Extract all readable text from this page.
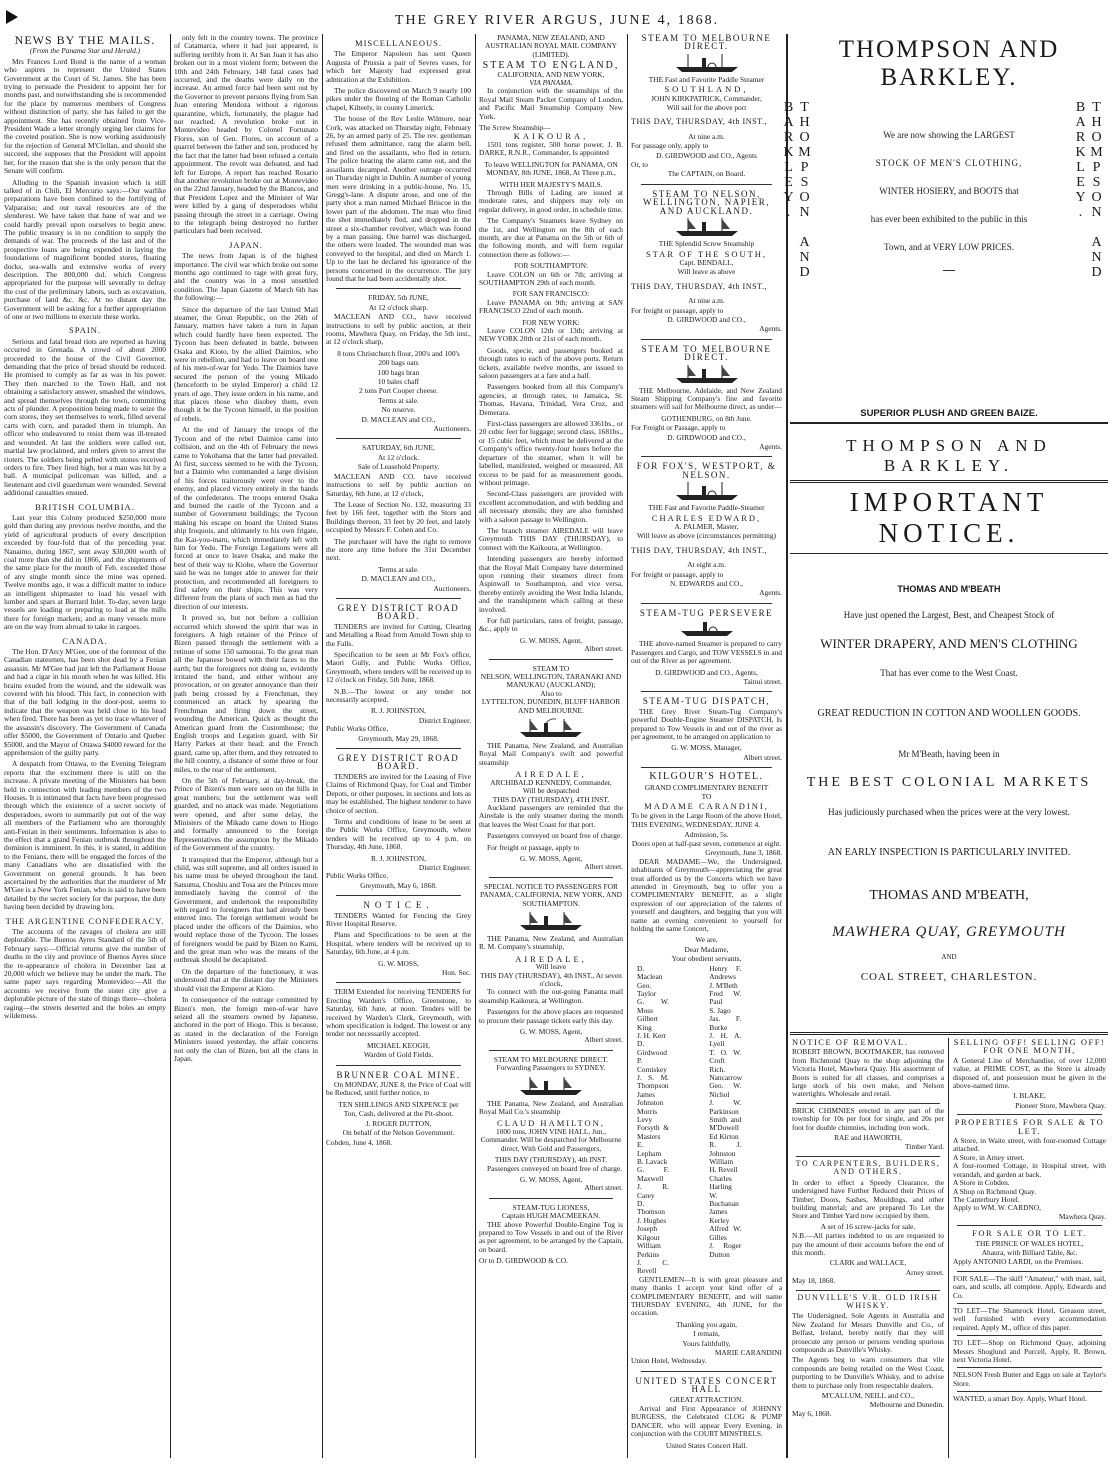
THE GREY RIVER ARGUS, JUNE 4, 1868.
NEWS BY THE MAILS.
(From the Panama Star and Herald.)

Mrs Frances Lord Bond is the name of a woman who aspires to represent the United States Government at the Court of St. James. She has been trying to persuade the President to appoint her for months past, and notwithstanding she is recommended for the place by numerous members of Congress without distinction of party, she has failed to get the appointment. She has recently obtained from Vice-President Wade a letter strongly urging her claims for the coveted position. She is now working assiduously for the rejection of General M'Clellan, and should she succeed, she supposes that the President will appoint her, for the reason that she is the only person that the Senate will confirm.

Alluding to the Spanish invasion which is still talked of in Chili, El Mercurio says:—Our warlike preparations have been confined to the fortifying of Valparaiso; and our naval resources are of the slenderest. We have taken that bane of war and we could hardly prevail upon ourselves to begin anew. The public treasury is in no condition to supply the demands of war. The proceeds of the last and of the prospective loans are being expended in laying the foundations of magnificent bonded stores, floating docks, sea-walls and extensive works of every description. The 800,000 dol. which Congress appropriated for the purpose will severally to defray the cost of the preliminary labors, such as excavation, purchase of land &c. &c. At no distant day the Government will be asking for a further appropriation of one or two millions to execute these works.

SPAIN.

Serious and fatal bread riots are reported as having occurred in Grenada. A crowd of about 2000 proceeded to the house of the Civil Governor, demanding that the price of bread should be reduced. He promised to comply as far as was in his power. They then marched to the Town Hall, and not obtaining a satisfactory answer, smashed the windows, and spread themselves through the town, committing acts of plunder. A proposition being made to seize the corn stores, they set themselves to work, filled several carts with corn, and paraded them in triumph. An officer who endeavored to resist them was ill-treated and wounded. At last the soldiers were called out, martial law proclaimed, and orders given to arrest the rioters. The soldiers being pelted with stones received orders to fire. They fired high, but a man was hit by a ball. A municipal policeman was killed, and a lieutenant and civil guardsman were wounded. Several additional casualties ensued.

BRITISH COLUMBIA.

Last year this Colony produced $250,000 more gold than during any previous twelve months, and the yield of agricultural products of every description exceeded by four-fold that of the preceding year. Nanaimo, during 1867, sent away $30,000 worth of coal more than she did in 1866, and the shipments of the same place for the month of Feb. exceeded those of any single month since the mine was opened. Twelve months ago, it was a difficult matter to induce an intelligent shipmaster to load his vessel with lumber and spars at Burrard Inlet. To-day, seven large vessels are loading or preparing to load at the mills there for foreign markets; and as many vessels more are on the way from abroad to take in cargoes.

CANADA.

The Hon. D'Arcy M'Gee, one of the foremost of the Canadian statesmen, has been shot dead by a Fenian assassin. Mr M'Gee had just left the Parliament House and had a cigar in his mouth when he was killed. His brains exuded from the wound, and the sidewalk was covered with his blood. This fact, in connection with that of the ball lodging in the door-post, seems to indicate that the weapon was held close to his head when fired. There has been as yet no trace whatever of the assassin's discovery. The Government of Canada offer $5000, the Government of Ontario and Quebec $5000, and the Mayor of Ottawa $4000 reward for the apprehension of the guilty party.

A despatch from Ottawa, to the Evening Telegram reports that the excitement there is still on the increase. A private meeting of the Ministers has been held in connection with leading members of the two Houses. It is intimated that facts have been progressed through which the existence of a secret society of desperadoes, sworn to summarily put out of the way all members of the Parliament who are thoroughly anti-Fenian in their sentiments. Information is also to the effect that a grand Fenian outbreak throughout the dominion is imminent. In this, it is stated, in addition to the Fenians, there will be engaged the forces of the many Canadians who are dissatisfied with the Government on general grounds. It has been ascertained by the authorities that the murderer of Mr M'Gee is a New York Fenian, who is said to have been detailed by the secret society for the purpose, the duty having been decided by drawing lots.

THE ARGENTINE CONFEDERACY.

The accounts of the ravages of cholera are still deplorable. The Buenos Ayres Standard of the 5th of February says:—Official returns give the number of deaths in the city and province of Buenos Ayres since the re-appearance of cholera in December last at 20,000 which we believe may be under the mark. The same paper says regarding Montevideo:—All the accounts we receive from the sister city give a deplorable picture of the state of things there—cholera raging—the streets deserted and the boles an empty wilderness.

only felt in the country towns. The province of Catamarca, where it had just appeared, is suffering terribly from it. At San Juan it has also broken out in a most violent form; between the 10th and 24th February, 148 fatal cases had occurred, and the deaths were daily on the increase. An armed force had been sent out by the Governor to prevent persons flying from San Juan entering Mendoza without a rigorous quarantine, which, fortunately, the plague had not reached. A revolution broke out in Montevideo headed by Colonel Fortunato Flores, son of Gen. Flores, on account of a quarrel between the father and son, produced by the fact that the latter had been refused a certain appointment. The revolt was defeated, and had left for Europe. A report has reached Rosario that another revolution broke out at Montevideo on the 22nd January, headed by the Blancos, and that President Lopez and the Minister of War were killed by a gang of desperadoes whilst passing through the street in a carriage. Owing to the telegraph being destroyed no further particulars had been received.

JAPAN.

The news from Japan is of the highest importance. The civil war which broke out some months ago continued to rage with great fury, and the country was in a most unsettled condition. The Japan Gazette of March 6th has the following:—

Since the departure of the last United Mail steamer, the Great Republic, on the 26th of January, matters have taken a turn in Japan which could hardly have been expected. The Tycoon has been defeated in battle, between Osaka and Kioto, by the allied Daimios, who were in rebellion, and had to leave on board one of his men-of-war for Yedo. The Daimios have secured the person of the young Mikado (henceforth to be styled Emperor) a child 12 years of age. They issue orders in his name, and that places those who disobey them, even though it be the Tycoon himself, in the position of rebels.

At the end of January the troops of the Tycoon and of the rebel Daimios came into collision, and on the 4th of February the news came to Yokohama that the latter had prevailed. At first, success seemed to be with the Tycoon, but a Daimio who commanded a large division of his forces traitorously went over to the enemy, and placed victory entirely in the hands of the confederates. The troops entered Osaka and burned the castle of the Tycoon and a number of Government buildings; the Tycoon making his escape on board the United States ship Iroquois, and ultimately to his own frigate, the Kai-you-maru, which immediately left with him for Yedo. The Foreign Legations were all forced at once to leave Osaka, and make the best of their way to Kiobe, where the Governor said he was no longer able to answer for their protection, and recommended all foreigners to find safety on their ships. This was very different from the plans of such men as had the direction of our interests.

It proved so, but not before a collision occurred which showed the spirit that was in foreigners. A high retainer of the Prince of Bizen passed through the settlement with a retinue of some 150 samourai. To the great man all the Japanese bowed with their faces to the earth; but the foreigners not doing so, evidently irritated the band, and either without any provocation, or on greater annoyance than their path being crossed by a Frenchman, they commenced an attack by spearing the Frenchman and firing down the street, wounding the American. Quick as thought the American guard from the Customhouse; the English troops and Legation guard, with Sir Harry Parkes at their head; and the French guard, came up, after them, and they retreated to the hill country, a distance of some three or four miles, to the rear of the settlement.

On the 5th of February, at day-break, the Prince of Bizen's men were seen on the hills in great numbers; but the settlement was well guarded, and no attack was made. Negotiations were opened, and after some delay, the Ministers of the Mikado came down to Hiogo and formally announced to the foreign Representatives the assumption by the Mikado of the Government of the country.

It transpired that the Emperor, although but a child, was still supreme, and all orders issued in his name must be obeyed throughout the land. Satsuma, Choshiu and Tosa are the Princes more immediately having the control of the Government, and undertook the responsibility with regard to foreigners that had already been entered into. The foreign settlement would be placed under the officers of the Daimios, who would replace those of the Tycoon. The losses of foreigners would be paid by Bizen no Kami, and the great man who was the means of the outbreak should be decapitated.

On the departure of the functionary, it was understood that at the distant day the Ministers should visit the Emperor at Kioto.

In consequence of the outrage committed by Bizen's men, the foreign men-of-war have seized all the steamers owned by Japanese, anchored in the port of Hiogo. This is because, as stated in the declaration of the Foreign Ministers issued yesterday, the affair concerns not only the clan of Bizen, but all the clans in Japan.

MISCELLANEOUS.

The Emperor Napoleon has sent Queen Augusta of Prussia a pair of Sevres vases, for which her Majesty had expressed great admiration at the Exhibition.

The police discovered on March 9 nearly 100 pikes under the flooring of the Roman Catholic chapel, Kilteely, in county Limerick.

The house of the Rev Leslie Wilmore, near Cork, was attacked on Thursday night, February 26, by an armed party of 25. The rev. gentleman refused them admittance, rang the alarm bell, and fired on the assailants, who fled in return. The police hearing the alarm came out, and the assailants decamped. Another outrage occurred on Thursday night in Dublin. A number of young men were drinking in a public-house, No. 15, Gregg's-lane. A dispute arose, and one of the party shot a man named Michael Briscoe in the lower part of the abdomen. The man who fired the shot immediately fled, and dropped in the street a six-chamber revolver, which was found by a man passing. One barrel was discharged, the others were loaded. The wounded man was conveyed to the hospital, and died on March 1. Up to the last he declared his ignorance of the persons concerned in the occurrence. The jury found that he had been accidentally shot.

FRIDAY, 5th JUNE,
At 12 o'clock sharp.

MACLEAN AND CO., have received instructions to sell by public auction, at their rooms, Mawhera Quay, on Friday, the 5th inst., at 12 o'clock sharp,

8 tons Christchurch flour, 200's and 100's
200 bags oats
100 bags bran
10 bales chaff
2 tons Port Cooper cheese.
Terms at sale.
No reserve.
D. MACLEAN and CO.,
Auctioneers.
SATURDAY, 6th JUNE,
At 12 o'clock.
Sale of Leasehold Property.

MACLEAN AND CO. have received instructions to sell by public auction on Saturday, 6th June, at 12 o'clock,

The Lease of Section No. 132, measuring 33 feet by 166 feet, together with the Store and Buildings thereon, 33 feet by 20 feet, and lately occupied by Messrs F. Cohen and Co.

The purchaser will have the right to remove the store any time before the 31st December next.

Terms at sale.
D. MACLEAN and CO.,
Auctioneers.
GREY DISTRICT ROAD BOARD.

TENDERS are invited for Cutting, Clearing and Metalling a Road from Arnold Town ship to the Falls.

Specification to be seen at Mr Fox's office, Maori Gully, and Public Works Office, Greymouth, where tenders will be received up to 12 o'clock on Friday, 5th June, 1868.

N.B.—The lowest or any tender not necessarily accepted.

R. J. JOHNSTON,
District Engineer.
Public Works Office,
Greymouth, May 29, 1868.
GREY DISTRICT ROAD BOARD.

TENDERS are invited for the Leasing of Five Claims of Richmond Quay, for Coal and Timber Depots, or other purposes, in sections and lots as may be established. The highest tenderer to have choice of section.

Terms and conditions of lease to be seen at the Public Works Office, Greymouth, where tenders will be received up to 4 p.m. on Thursday, 4th June, 1868.

R. J. JOHNSTON,
District Engineer.
Public Works Office,
Greymouth, May 6, 1868.
NOTICE.

TENDERS Wanted for Fencing the Grey River Hospital Reserve.

Plans and Specifications to be seen at the Hospital, where tenders will be received up to Saturday, 6th June, at 4 p.m.

G. W. MOSS,
Hon. Sec.

TERM Extended for receiving TENDERS for Erecting Warden's Office, Greenstone, to Saturday, 6th June, at noon. Tenders will be received by Warden's Clerk, Greymouth, with whom specification is lodged. The lowest or any tender not necessarily accepted.

MICHAEL KEOGH,
Warden of Gold Fields.
BRUNNER COAL MINE.

On MONDAY, JUNE 8, the Price of Coal will be Reduced, until further notice, to

TEN SHILLINGS AND SIXPENCE per
Ton, Cash, delivered at the Pit-shoot.
J. ROGER DUTTON,
On behalf of the Nelson Government.
Cobden, June 4, 1868.
PANAMA, NEW ZEALAND, AND AUSTRALIAN ROYAL MAIL COMPANY
(LIMITED).
STEAM TO ENGLAND,
CALIFORNIA, AND NEW YORK,
VIA PANAMA.

In conjunction with the steamships of the Royal Mail Steam Packet Company of London, and Pacific Mail Steamship Company New York.

The Screw Steamship—
KAIKOURA,

1501 tons register, 500 horse power, J. B. DARKE, R.N.R., Commander, Is appointed

To leave WELLINGTON for PANAMA, ON MONDAY, 8th JUNE, 1868, At Three p.m.,

WITH HER MAJESTY'S MAILS.

Through Bills of Lading are issued at moderate rates, and shippers may rely on regular delivery, in good order, in schedule time.

The Company's Steamers leave Sydney on the 1st, and Wellington on the 8th of each month; are due at Panama on the 5th or 6th of the following month, and will form regular connection there as follows:—

FOR SOUTHAMPTON:

Leave COLON on 6th or 7th; arriving at SOUTHAMPTON 29th of each month.

FOR SAN FRANCISCO:

Leave PANAMA on 9th; arriving at SAN FRANCISCO 22nd of each month.

FOR NEW YORK:

Leave COLON 12th or 13th; arriving at NEW YORK 20th or 21st of each month.

Goods, specie, and passengers booked at through rates to each of the above ports. Return tickets, available twelve months, are issued to saloon passengers at a fare and a half.

Passengers booked from all this Company's agencies, at through rates, to Jamaica, St. Thomas, Havana, Trinidad, Vera Cruz, and Demerara.

First-class passengers are allowed 3361bs., or 20 cubic feet for luggage; second class, 1681bs., or 15 cubic feet, which must be delivered at the Company's office twenty-four hours before the departure of the steamer, when it will be labelled, manifested, weighed or measured. All excess to be paid for as measurement goods, without primage.

Second-Class passengers are provided with excellent accommodation, and with bedding and all necessary utensils; they are also furnished with a saloon passage to Wellington.

The branch steamer AIREDALE will leave Greymouth THIS DAY (THURSDAY), to connect with the Kaikoura, at Wellington.

Intending passengers are hereby informed that the Royal Mail Company have determined upon running their steamers direct from Aspinwall to Southampton, and vice versa, thereby entirely avoiding the West India Islands, and the transhipment which calling at these involved.

For full particulars, rates of freight, passage, &c., apply to

G. W. MOSS, Agent,
Albert street.
STEAM TO
NELSON, WELLINGTON, TARANAKI AND MANUKAU (AUCKLAND);
Also to
LYTTELTON, DUNEDIN, BLUFF HARBOR AND MELBOURNE.

THE Panama, New Zealand, and Australian Royal Mail Company's swift and powerful steamship

AIREDALE,
ARCHIBALD KENNEDY, Commander,
Will be despatched
THIS DAY (THURSDAY), 4TH INST.

Auckland passengers are reminded that the Airedale is the only steamer during the month that leaves the West Coast for that port.

Passengers conveyed on board free of charge.

For freight or passage, apply to

G. W. MOSS, Agent,
Albert street.
SPECIAL NOTICE TO PASSENGERS FOR PANAMA, CALIFORNIA, NEW YORK, AND SOUTHAMPTON.

THE Panama, New Zealand, and Australian R. M. Company's steamship,

AIREDALE,
Will leave
THIS DAY (THURSDAY), 4th INST., At seven o'clock,

To connect with the out-going Panama mail steamship Kaikoura, at Wellington.

Passengers for the above places are requested to procure their passage tickets early this day.

G. W. MOSS, Agent,
Albert street.
STEAM TO MELBOURNE DIRECT.
Forwarding Passengers to SYDNEY.

THE Panama, New Zealand, and Australian Royal Mail Co.'s steamship

CLAUD HAMILTON,

1000 tons, JOHN VINE HALL, Jun., Commander. Will be despatched for Melbourne direct, With Gold and Passengers,

THIS DAY (THURSDAY), 4th INST.

Passengers conveyed on board free of charge.

G. W. MOSS, Agent,
Albert street.
STEAM-TUG LIONESS,
Captain HUGH MACMEEKAN.

THE above Powerful Double-Engine Tug is prepared to Tow Vessels in and out of the River as per agreement, to be arranged by the Captain, on board.

Or to D. GIRDWOOD & CO.
STEAM TO MELBOURNE DIRECT.
THE Fast and Favorite Paddle Steamer
SOUTHLAND,
JOHN KIRKPATRICK, Commander,
Will sail for the above port
THIS DAY, THURSDAY, 4th INST.,
At nine a.m.
For passage only, apply to
D. GIRDWOOD and CO., Agents
Or, to
The CAPTAIN, on Board.
STEAM TO NELSON, WELLINGTON, NAPIER, AND AUCKLAND.
THE Splendid Screw Steamship
STAR OF THE SOUTH,
Capt. BENDALL,
Will leave as above
THIS DAY, THURSDAY, 4th INST.,
At nine a.m.
For freight or passage, apply to
D. GIRDWOOD and CO.,
Agents.
STEAM TO MELBOURNE DIRECT.

THE Melbourne, Adelaide, and New Zealand Steam Shipping Company's fine and favorite steamers will sail for Melbourne direct, as under—

GOTHENBURG, on 8th June.
For Freight or Passage, apply to
D. GIRDWOOD and CO.,
Agents.
FOR FOX'S, WESTPORT, & NELSON.
THE Fast and Favorite Paddle-Steamer
CHARLES EDWARD,
A. PALMER, Master,
Will leave as above (circumstances permitting)
THIS DAY, THURSDAY, 4th INST.,
At eight a.m.
For freight or passage, apply to
N. EDWARDS and CO.,
Agents.
STEAM-TUG PERSEVERE

THE above-named Steamer is prepared to carry Passengers and Cargo, and TOW VESSELS in and out of the River as per agreement.

D. GIRDWOOD and CO., Agents,
Tainui street.
STEAM-TUG DISPATCH,

THE Grey River Steam-Tug Company's powerful Double-Engine Steamer DISPATCH, Is prepared to Tow Vessels in and out of the river as per agreement, to be arranged on application to

G. W. MOSS, Manager,
Albert street.
KILGOUR'S HOTEL.
GRAND COMPLIMENTARY BENEFIT
TO
MADAME CARANDINI,
To be given in the Large Room of the above Hotel,
THIS EVENING, WEDNESDAY, JUNE 4.
Admission, 5s.
Doors open at half-past seven, commence at eight.
Greymouth, June 3, 1868.

DEAR MADAME—We, the Undersigned, inhabitants of Greymouth—appreciating the great treat afforded us by the Concerts which we have attended in Greymouth, beg to offer you a COMPLIMENTARY BENEFIT, as a slight expression of our appreciation of the talents of yourself and daughters, and begging that you will name an evening convenient to yourself for holding the same Concert,

We are,
Dear Madame,
Your obedient servants,
D. Maclean
Geo. Taylor
G. W. Moss
Gilbert King
J. H. Kerr
D. Girdwood
P. Comiskey
J. S. M. Thompson
James Johnston
Morris Levy
Forsyth & Masters
E. Lepham
B. Lavack
G. F. Maxwell
J. R. Carey
D. Thomson
J. Hughes
Joseph Kilgour
William Perkins
J. C. Revell
Henry F. Andrews
J. M'Beth
Fred W. Paul
S. Jago
Jas. F. Burke
J. H. A. Lyell
T. O. W. Croft
Rich. Nancarrow
Geo. W. Nichol
J. W. Parkinson
Smith and M'Dowell
Ed Kirton
R. J. Johnston
William H. Revell
Charles Harling
W. Buchanan
James Kerley
Alfred W. Gilles
J. Roger Dutton

GENTLEMEN—It is with great pleasure and many thanks I accept your kind offer of a COMPLIMENTARY BENEFIT, and will name THURSDAY EVENING, 4th JUNE, for the occasion.

Thanking you again,
I remain,
Yours faithfully,
MARIE CARANDINI
Union Hotel, Wednesday.
UNITED STATES CONCERT HALL
GREAT ATTRACTION.

Arrival and First Appearance of JOHNNY BURGESS, the Celebrated CLOG & PUMP DANCER, who will appear Every Evening, in conjunction with the COURT MINSTRELS.

United States Concert Hall.
THOMPSON AND BARKLEY.
THOMPSON AND BARKLEY.	THOMPSON AND BARKLEY.
We are now showing the LARGEST
STOCK OF MEN'S CLOTHING,
WINTER HOSIERY, and BOOTS that
has ever been exhibited to the public in this
Town, and at VERY LOW PRICES.
SUPERIOR PLUSH AND GREEN BAIZE.
THOMPSON AND BARKLEY.
IMPORTANT NOTICE.
THOMAS AND M'BEATH
Have just opened the Largest, Best, and Cheapest Stock of
WINTER DRAPERY, AND MEN'S CLOTHING
That has ever come to the West Coast.
GREAT REDUCTION IN COTTON AND WOOLLEN GOODS.
Mr M'Beath, having been in
THE BEST COLONIAL MARKETS
Has judiciously purchased when the prices were at the very lowest.
AN EARLY INSPECTION IS PARTICULARLY INVITED.
THOMAS AND M'BEATH,
MAWHERA QUAY, GREYMOUTH
AND
COAL STREET, CHARLESTON.
NOTICE OF REMOVAL.

ROBERT BROWN, BOOTMAKER, has removed from Richmond Quay to the shop adjoining the Victoria Hotel, Mawhera Quay. His assortment of Boots is suited for all classes, and comprises a large stock of his own make, and Nelson watertights. Wholesale and retail.

BRICK CHIMNIES erected in any part of the township for 10s per foot for single, and 20s per foot for double chimnies, including iron work.

RAE and HAWORTH,
Timber Yard.
TO CARPENTERS, BUILDERS, AND OTHERS.

In order to effect a Speedy Clearance, the undersigned have Further Reduced their Prices of Timber, Doors, Sashes, Mouldings, and other building material; and are prepared To Let the Store and Timber Yard now occupied by them.

A set of 16 screw-jacks for sale.

N.B.—All parties indebted to us are requested to pay the amount of their accounts before the end of this month.

CLARK and WALLACE,
Arney street.
May 18, 1868.
DUNVILLE'S V.R. OLD IRISH WHISKY.

The Undersigned, Sole Agents in Australia and New Zealand for Messrs Dunville and Co., of Belfast, Ireland, hereby notify that they will prosecute any person or persons vending spurious compounds as Dunville's Whisky.

The Agents beg to warn consumers that vile compounds are being retailed on the West Coast, purporting to be Dunville's Whisky, and to advise them to purchase only from respectable dealers.

M'CALLUM, NEILL and CO.,
Melbourne and Dunedin.
May 6, 1868.
SELLING OFF! SELLING OFF! FOR ONE MONTH,

A General Line of Merchandise, of over 12,000 value, at PRIME COST, as the Store is already disposed of, and possession must be given in the above-named time.

I. BLAKE,
Pioneer Store, Mawhera Quay.
PROPERTIES FOR SALE & TO LET.
A Store, in Waite street, with four-roomed Cottage attached.
A Store, in Arney street.
A four-roomed Cottage, in Hospital street, with verandah, and garden at back.
A Store in Cobden.
A Shop on Richmond Quay.
The Canterbury Hotel.
Apply to WM. W. CARDNO,
Mawhera Quay.
FOR SALE OR TO LET.
THE PRINCE OF WALES HOTEL,
Ahaura, with Billiard Table, &c.

Apply ANTONIO LARDI, on the Premises.

FOR SALE—The skiff "Amateur," with mast, sail, oars, and sculls, all complete. Apply, Edwards and Co.

TO LET—The Shamrock Hotel, Greason street, well furnished with every accommodation required. Apply M., office of this paper.

TO LET—Shop on Richmond Quay, adjoining Messrs Shoglund and Purcell, Apply, R. Brown, next Victoria Hotel.

NELSON Fresh Butter and Eggs on sale at Taylor's Store.

WANTED, a smart Boy. Apply, Wharf Hotel.
